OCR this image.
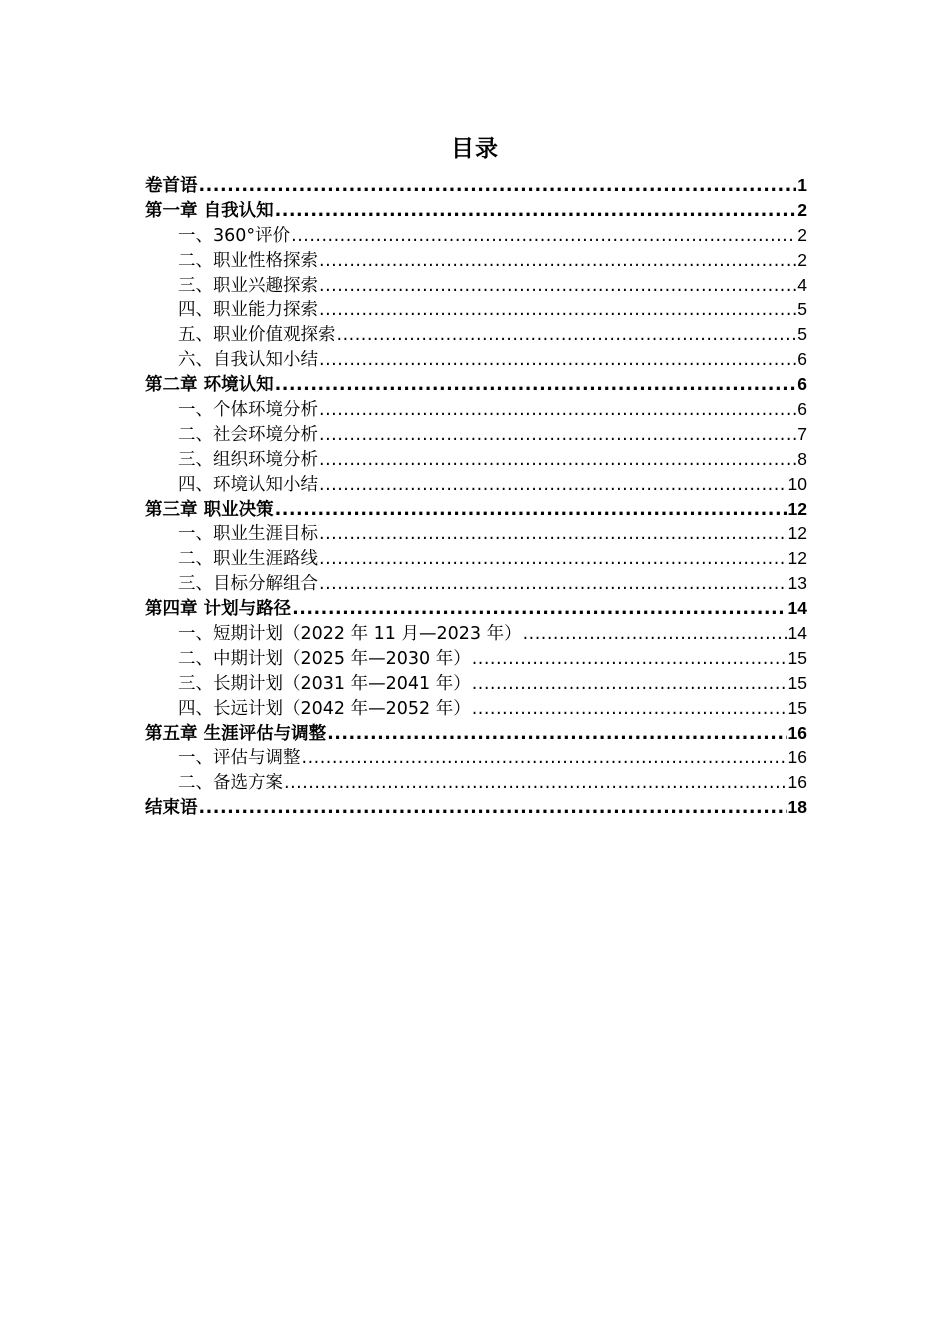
目录
卷首语 .....	1
第一章 自我认知 .....	2
一、360°评价 .....	2
二、职业性格探索 .....	2
三、职业兴趣探索 .....	4
四、职业能力探索 .....	5
五、职业价值观探索 .....	5
六、自我认知小结 .....	6
第二章 环境认知 .....	6
一、个体环境分析 .....	6
二、社会环境分析 .....	7
三、组织环境分析 .....	8
四、环境认知小结 .....	10
第三章 职业决策 .....	12
一、职业生涯目标 .....	12
二、职业生涯路线 .....	12
三、目标分解组合 .....	13
第四章 计划与路径 .....	14
一、短期计划（2022 年 11 月—2023 年） .....	14
二、中期计划（2025 年—2030 年） .....	15
三、长期计划（2031 年—2041 年） .....	15
四、长远计划（2042 年—2052 年） .....	15
第五章 生涯评估与调整 .....	16
一、评估与调整 .....	16
二、备选方案 .....	16
结束语 .....	18
